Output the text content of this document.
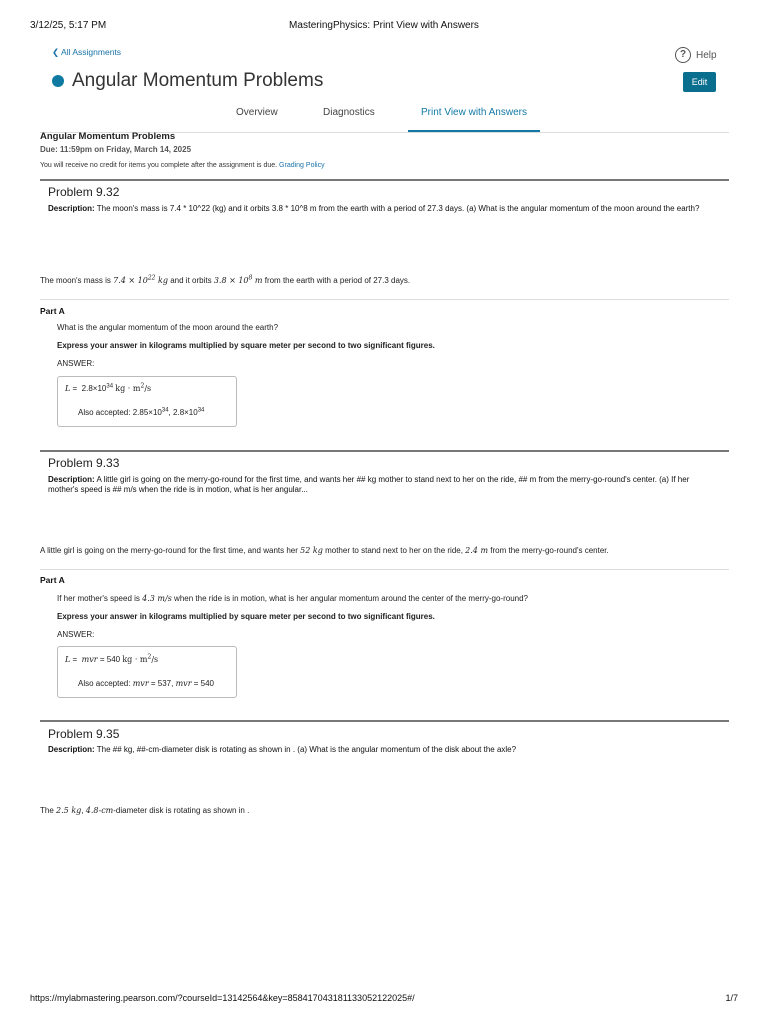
3/12/25, 5:17 PM	MasteringPhysics: Print View with Answers
❮ All Assignments	? Help
Angular Momentum Problems	Edit
Overview	Diagnostics	Print View with Answers
Angular Momentum Problems
Due: 11:59pm on Friday, March 14, 2025
You will receive no credit for items you complete after the assignment is due. Grading Policy
Problem 9.32
Description: The moon's mass is 7.4 * 10^22 (kg) and it orbits 3.8 * 10^8 m from the earth with a period of 27.3 days. (a) What is the angular momentum of the moon around the earth?
The moon's mass is $7.4 \times 10^{22}$ kg and it orbits $3.8 \times 10^8$ m from the earth with a period of 27.3 days.
Part A
What is the angular momentum of the moon around the earth?
Express your answer in kilograms multiplied by square meter per second to two significant figures.
ANSWER:
$L = 2.8\times 10^{34}$ kg · $m^2/s$
Also accepted: $2.85\times 10^{34}$, $2.8\times 10^{34}$
Problem 9.33
Description: A little girl is going on the merry-go-round for the first time, and wants her ## kg mother to stand next to her on the ride, ## m from the merry-go-round's center. (a) If her mother's speed is ## m/s when the ride is in motion, what is her angular...
A little girl is going on the merry-go-round for the first time, and wants her 52 kg mother to stand next to her on the ride, 2.4 m from the merry-go-round's center.
Part A
If her mother's speed is 4.3 m/s when the ride is in motion, what is her angular momentum around the center of the merry-go-round?
Express your answer in kilograms multiplied by square meter per second to two significant figures.
ANSWER:
L = mvr = 540 kg · $m^2/s$
Also accepted: mvr = 537, mvr = 540
Problem 9.35
Description: The ## kg, ##-cm-diameter disk is rotating as shown in . (a) What is the angular momentum of the disk about the axle?
The 2.5 kg, 4.8-cm-diameter disk is rotating as shown in .
https://mylabmastering.pearson.com/?courseId=13142564&key=85841704318113305212202​5#/	1/7
